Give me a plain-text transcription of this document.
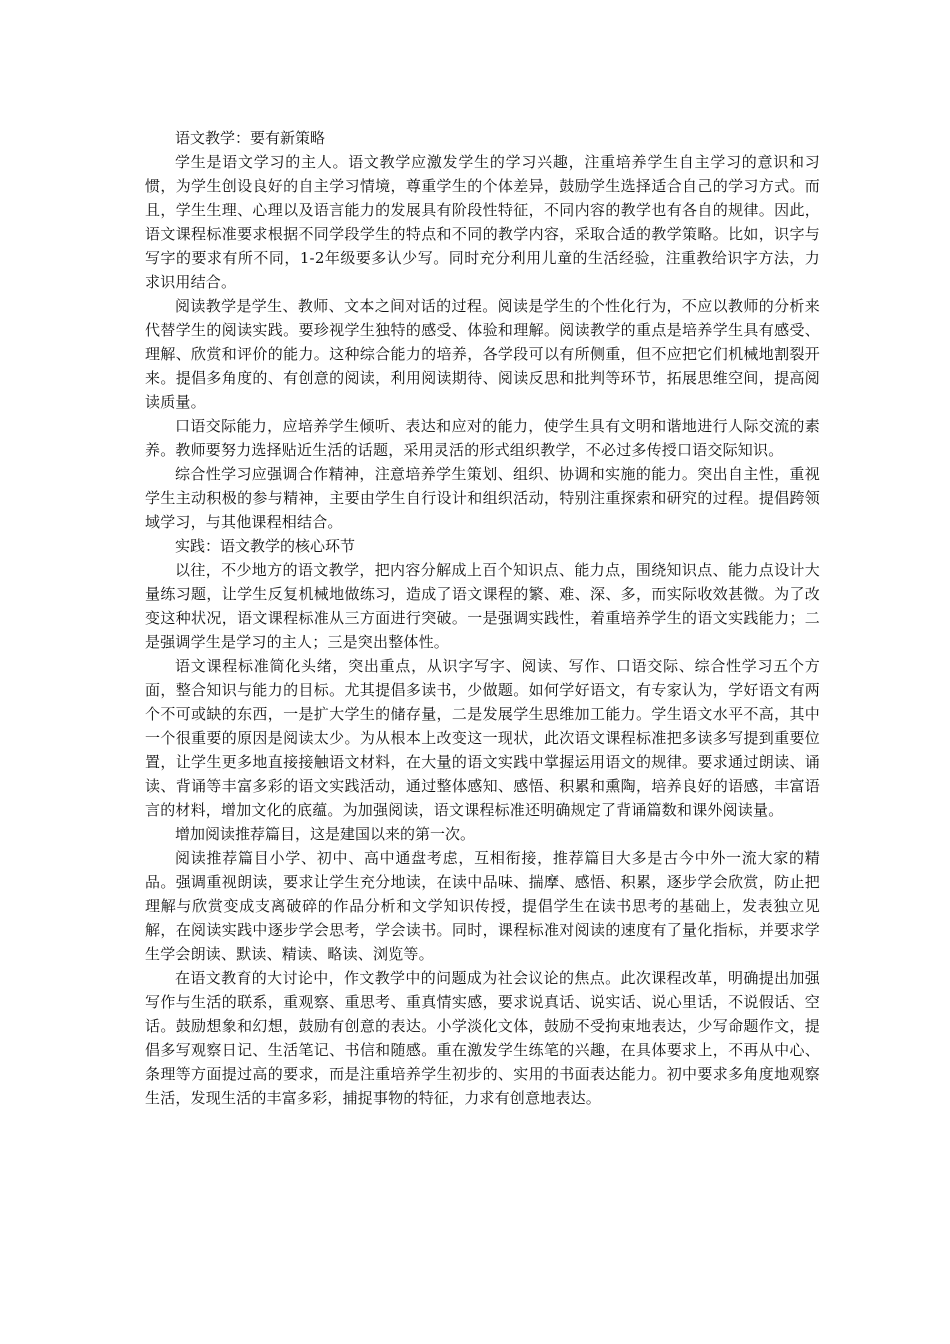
语文教学：要有新策略

学生是语文学习的主人。语文教学应激发学生的学习兴趣，注重培养学生自主学习的意识和习惯，为学生创设良好的自主学习情境，尊重学生的个体差异，鼓励学生选择适合自己的学习方式。而且，学生生理、心理以及语言能力的发展具有阶段性特征，不同内容的教学也有各自的规律。因此，语文课程标准要求根据不同学段学生的特点和不同的教学内容，采取合适的教学策略。比如，识字与写字的要求有所不同，1-2年级要多认少写。同时充分利用儿童的生活经验，注重教给识字方法，力求识用结合。

阅读教学是学生、教师、文本之间对话的过程。阅读是学生的个性化行为，不应以教师的分析来代替学生的阅读实践。要珍视学生独特的感受、体验和理解。阅读教学的重点是培养学生具有感受、理解、欣赏和评价的能力。这种综合能力的培养，各学段可以有所侧重，但不应把它们机械地割裂开来。提倡多角度的、有创意的阅读，利用阅读期待、阅读反思和批判等环节，拓展思维空间，提高阅读质量。

口语交际能力，应培养学生倾听、表达和应对的能力，使学生具有文明和谐地进行人际交流的素养。教师要努力选择贴近生活的话题，采用灵活的形式组织教学，不必过多传授口语交际知识。

综合性学习应强调合作精神，注意培养学生策划、组织、协调和实施的能力。突出自主性，重视学生主动积极的参与精神，主要由学生自行设计和组织活动，特别注重探索和研究的过程。提倡跨领域学习，与其他课程相结合。

实践：语文教学的核心环节

以往，不少地方的语文教学，把内容分解成上百个知识点、能力点，围绕知识点、能力点设计大量练习题，让学生反复机械地做练习，造成了语文课程的繁、难、深、多，而实际收效甚微。为了改变这种状况，语文课程标准从三方面进行突破。一是强调实践性，着重培养学生的语文实践能力；二是强调学生是学习的主人；三是突出整体性。

语文课程标准简化头绪，突出重点，从识字写字、阅读、写作、口语交际、综合性学习五个方面，整合知识与能力的目标。尤其提倡多读书，少做题。如何学好语文，有专家认为，学好语文有两个不可或缺的东西，一是扩大学生的储存量，二是发展学生思维加工能力。学生语文水平不高，其中一个很重要的原因是阅读太少。为从根本上改变这一现状，此次语文课程标准把多读多写提到重要位置，让学生更多地直接接触语文材料，在大量的语文实践中掌握运用语文的规律。要求通过朗读、诵读、背诵等丰富多彩的语文实践活动，通过整体感知、感悟、积累和熏陶，培养良好的语感，丰富语言的材料，增加文化的底蕴。为加强阅读，语文课程标准还明确规定了背诵篇数和课外阅读量。

增加阅读推荐篇目，这是建国以来的第一次。

阅读推荐篇目小学、初中、高中通盘考虑，互相衔接，推荐篇目大多是古今中外一流大家的精品。强调重视朗读，要求让学生充分地读，在读中品味、揣摩、感悟、积累，逐步学会欣赏，防止把理解与欣赏变成支离破碎的作品分析和文学知识传授，提倡学生在读书思考的基础上，发表独立见解，在阅读实践中逐步学会思考，学会读书。同时，课程标准对阅读的速度有了量化指标，并要求学生学会朗读、默读、精读、略读、浏览等。

在语文教育的大讨论中，作文教学中的问题成为社会议论的焦点。此次课程改革，明确提出加强写作与生活的联系，重观察、重思考、重真情实感，要求说真话、说实话、说心里话，不说假话、空话。鼓励想象和幻想，鼓励有创意的表达。小学淡化文体，鼓励不受拘束地表达，少写命题作文，提倡多写观察日记、生活笔记、书信和随感。重在激发学生练笔的兴趣，在具体要求上，不再从中心、条理等方面提过高的要求，而是注重培养学生初步的、实用的书面表达能力。初中要求多角度地观察生活，发现生活的丰富多彩，捕捉事物的特征，力求有创意地表达。
